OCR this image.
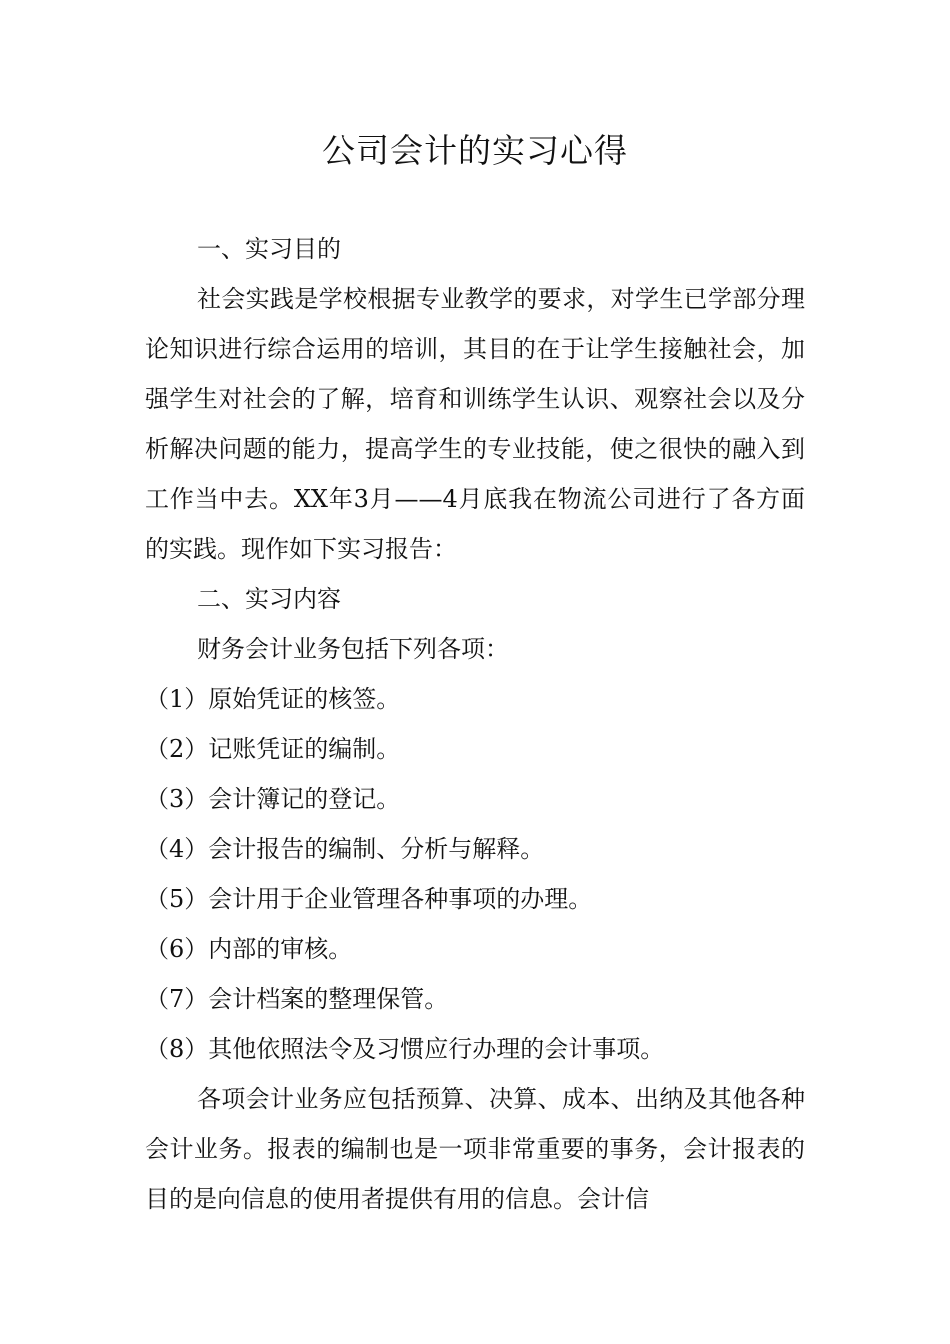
公司会计的实习心得

一、实习目的

社会实践是学校根据专业教学的要求，对学生已学部分理论知识进行综合运用的培训，其目的在于让学生接触社会，加强学生对社会的了解，培育和训练学生认识、观察社会以及分析解决问题的能力，提高学生的专业技能，使之很快的融入到工作当中去。XX年3月——4月底我在物流公司进行了各方面的实践。现作如下实习报告：

二、实习内容

财务会计业务包括下列各项：

（1）原始凭证的核签。

（2）记账凭证的编制。

（3）会计簿记的登记。

（4）会计报告的编制、分析与解释。

（5）会计用于企业管理各种事项的办理。

（6）内部的审核。

（7）会计档案的整理保管。

（8）其他依照法令及习惯应行办理的会计事项。

各项会计业务应包括预算、决算、成本、出纳及其他各种会计业务。报表的编制也是一项非常重要的事务，会计报表的目的是向信息的使用者提供有用的信息。会计信
